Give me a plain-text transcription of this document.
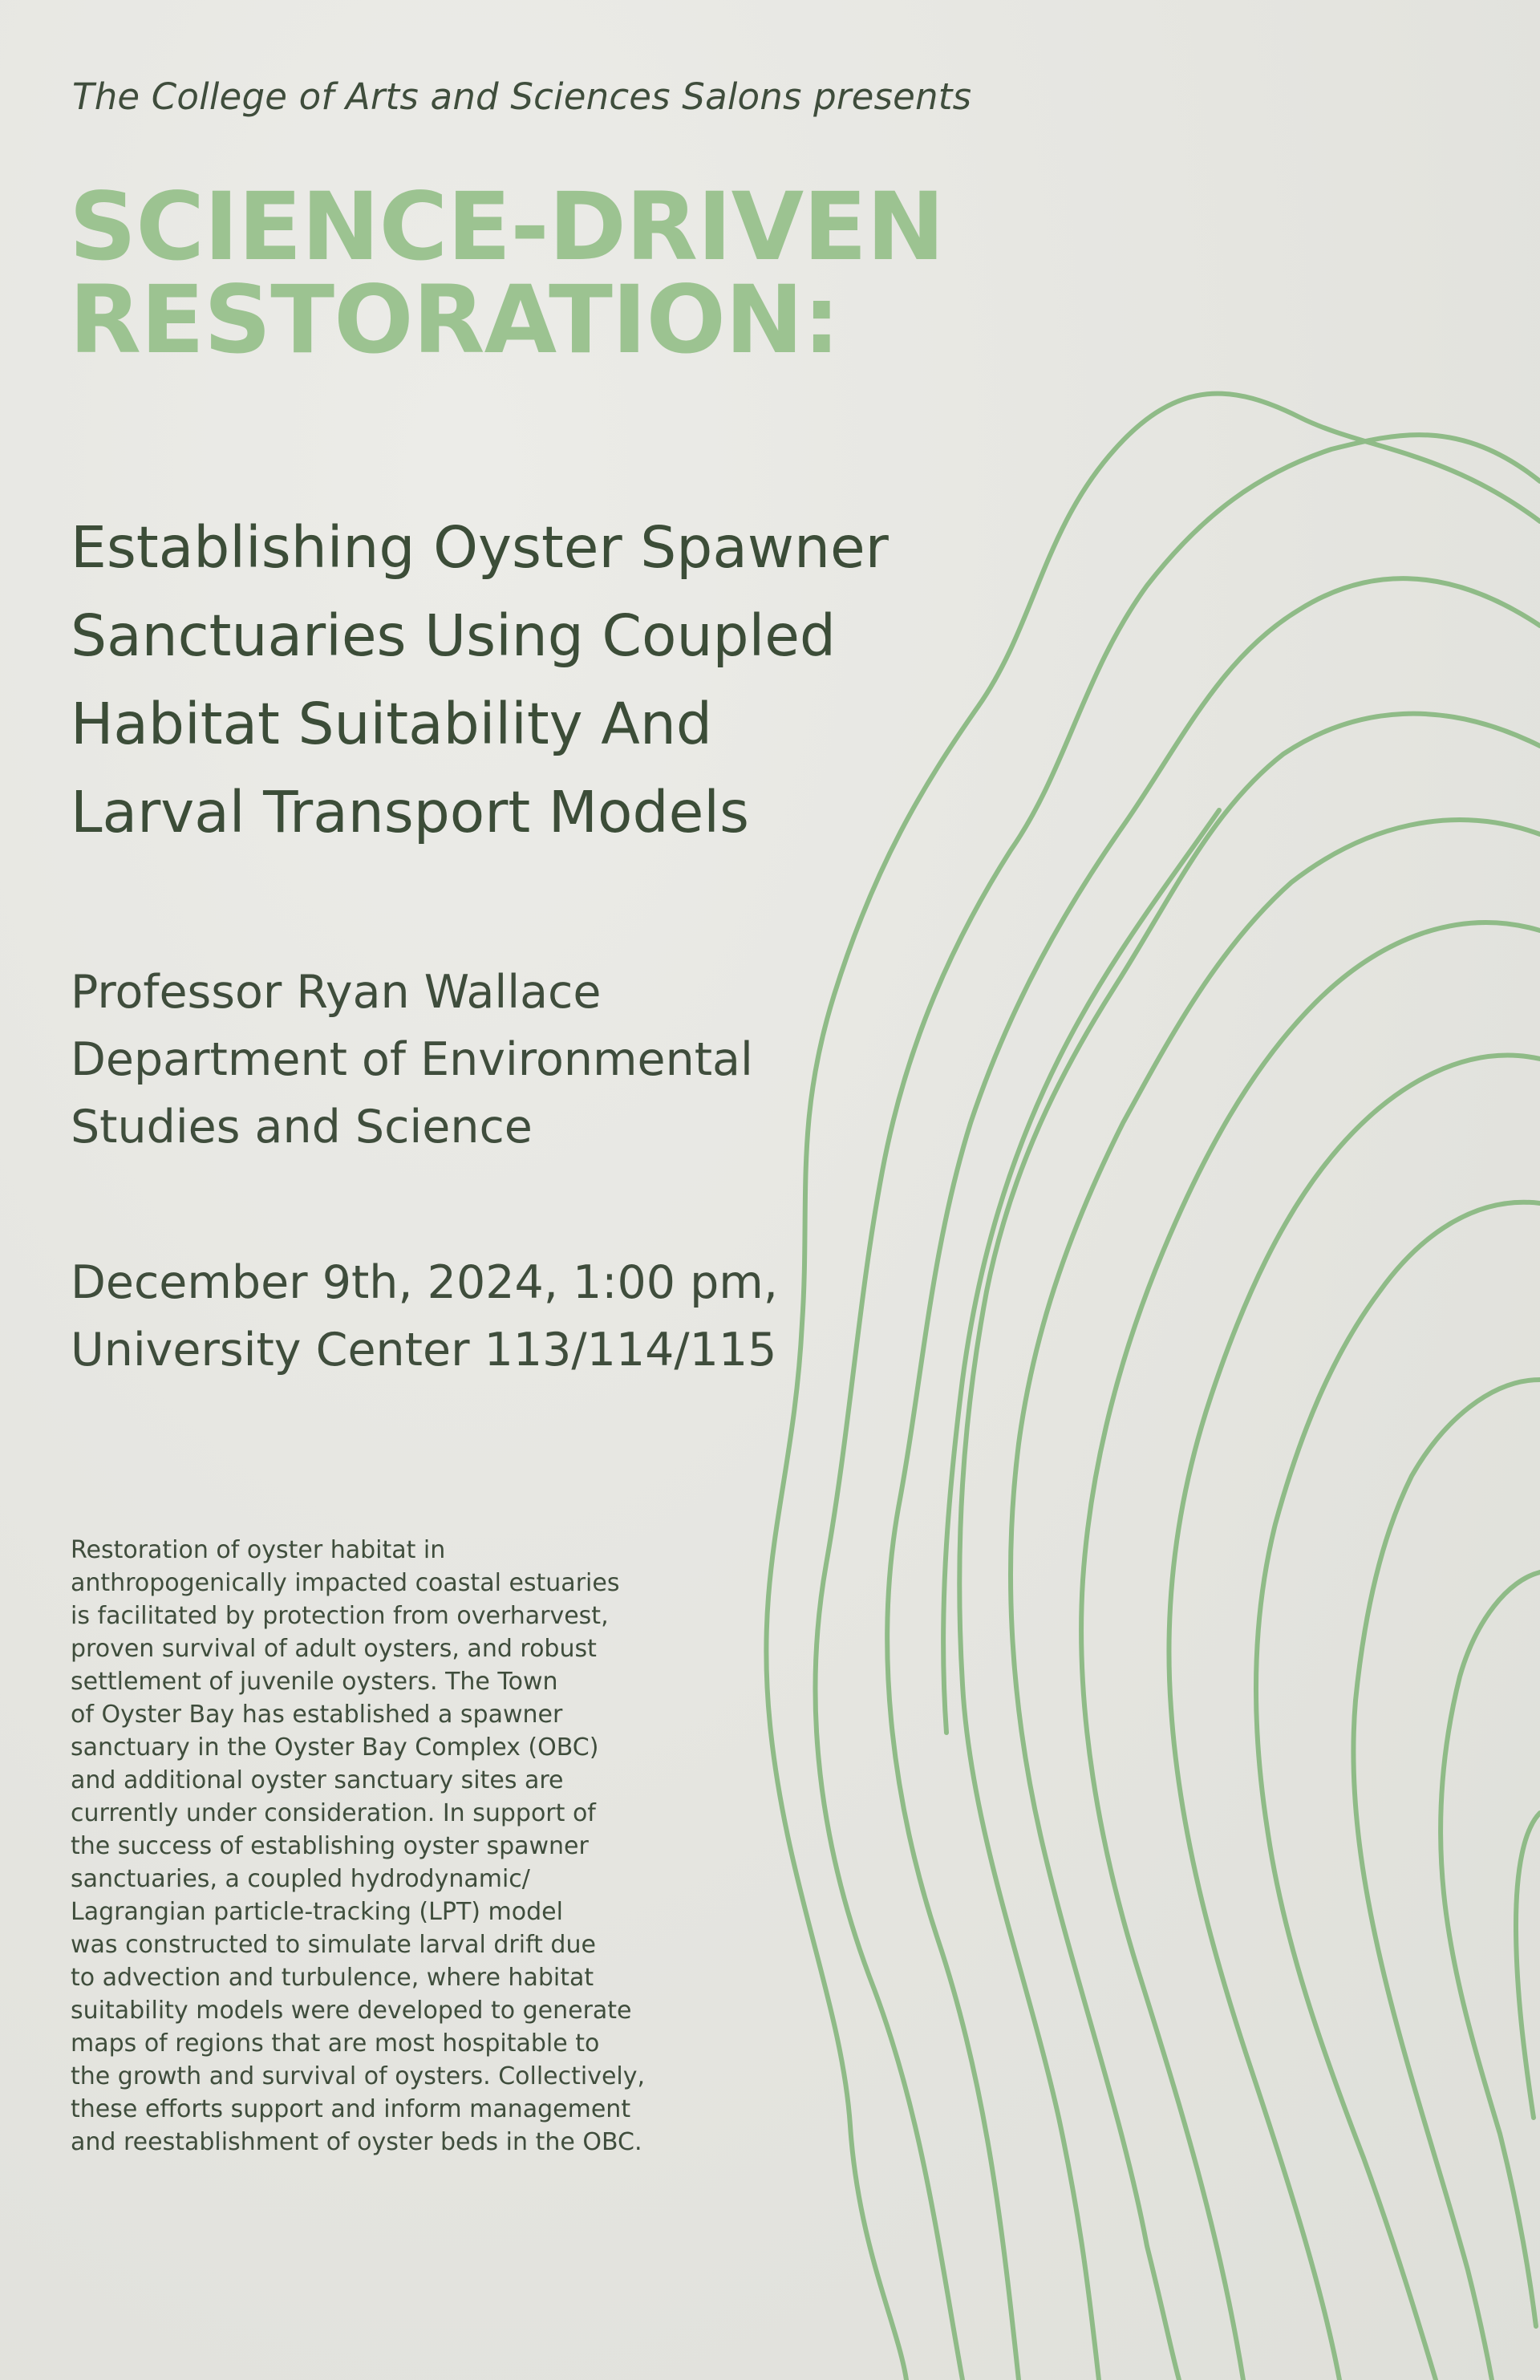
The College of Arts and Sciences Salons presents
SCIENCE-DRIVEN
RESTORATION:
Establishing Oyster Spawner
Sanctuaries Using Coupled
Habitat Suitability And
Larval Transport Models
Professor Ryan Wallace
Department of Environmental
Studies and Science
December 9th, 2024, 1:00 pm,
University Center 113/114/115
Restoration of oyster habitat in
anthropogenically impacted coastal estuaries
is facilitated by protection from overharvest,
proven survival of adult oysters, and robust
settlement of juvenile oysters. The Town
of Oyster Bay has established a spawner
sanctuary in the Oyster Bay Complex (OBC)
and additional oyster sanctuary sites are
currently under consideration. In support of
the success of establishing oyster spawner
sanctuaries, a coupled hydrodynamic/
Lagrangian particle-tracking (LPT) model
was constructed to simulate larval drift due
to advection and turbulence, where habitat
suitability models were developed to generate
maps of regions that are most hospitable to
the growth and survival of oysters. Collectively,
these efforts support and inform management
and reestablishment of oyster beds in the OBC.
